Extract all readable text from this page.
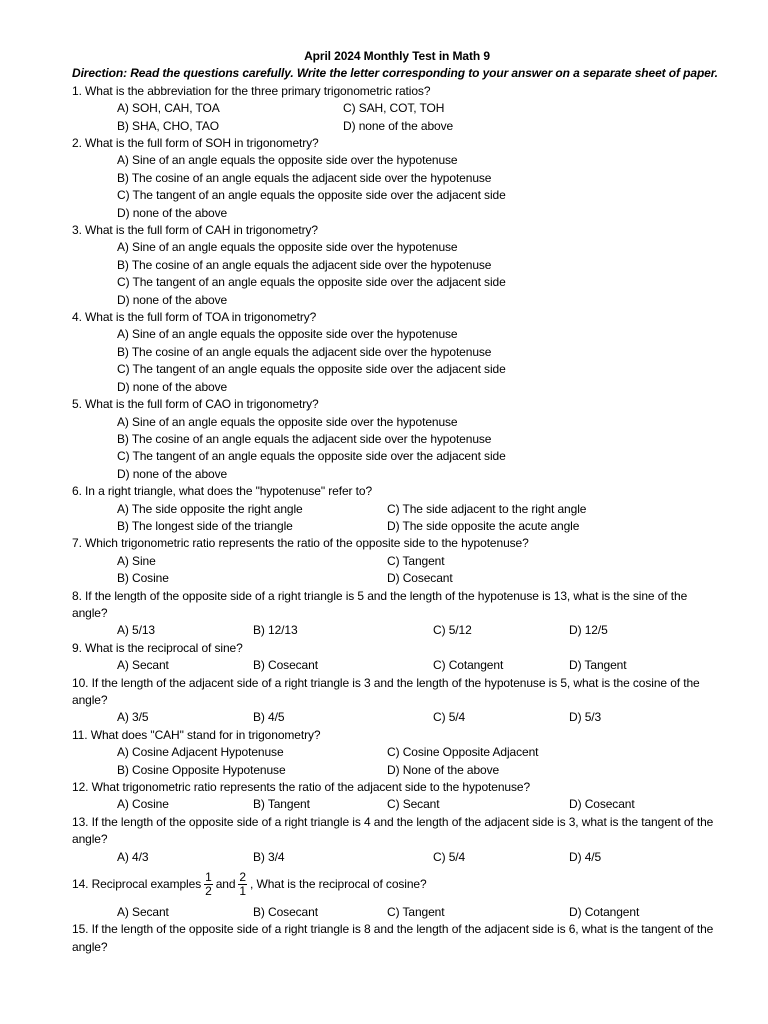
April 2024 Monthly Test in Math 9
Direction: Read the questions carefully. Write the letter corresponding to your answer on a separate sheet of paper.
1. What is the abbreviation for the three primary trigonometric ratios?
A) SOH, CAH, TOA	C) SAH, COT, TOH
B) SHA, CHO, TAO	D) none of the above
2. What is the full form of SOH in trigonometry?
A) Sine of an angle equals the opposite side over the hypotenuse
B) The cosine of an angle equals the adjacent side over the hypotenuse
C) The tangent of an angle equals the opposite side over the adjacent side
D) none of the above
3. What is the full form of CAH in trigonometry?
A) Sine of an angle equals the opposite side over the hypotenuse
B) The cosine of an angle equals the adjacent side over the hypotenuse
C) The tangent of an angle equals the opposite side over the adjacent side
D) none of the above
4. What is the full form of TOA in trigonometry?
A) Sine of an angle equals the opposite side over the hypotenuse
B) The cosine of an angle equals the adjacent side over the hypotenuse
C) The tangent of an angle equals the opposite side over the adjacent side
D) none of the above
5. What is the full form of CAO in trigonometry?
A) Sine of an angle equals the opposite side over the hypotenuse
B) The cosine of an angle equals the adjacent side over the hypotenuse
C) The tangent of an angle equals the opposite side over the adjacent side
D) none of the above
6. In a right triangle, what does the "hypotenuse" refer to?
A) The side opposite the right angle	C) The side adjacent to the right angle
B) The longest side of the triangle	D) The side opposite the acute angle
7. Which trigonometric ratio represents the ratio of the opposite side to the hypotenuse?
A) Sine	C) Tangent
B) Cosine	D) Cosecant
8. If the length of the opposite side of a right triangle is 5 and the length of the hypotenuse is 13, what is the sine of the angle?
A) 5/13	B) 12/13	C) 5/12	D) 12/5
9. What is the reciprocal of sine?
A) Secant	B) Cosecant	C) Cotangent	D) Tangent
10. If the length of the adjacent side of a right triangle is 3 and the length of the hypotenuse is 5, what is the cosine of the angle?
A) 3/5	B) 4/5	C) 5/4	D) 5/3
11. What does "CAH" stand for in trigonometry?
A) Cosine Adjacent Hypotenuse	C) Cosine Opposite Adjacent
B) Cosine Opposite Hypotenuse	D) None of the above
12. What trigonometric ratio represents the ratio of the adjacent side to the hypotenuse?
A) Cosine	B) Tangent	C) Secant	D) Cosecant
13. If the length of the opposite side of a right triangle is 4 and the length of the adjacent side is 3, what is the tangent of the angle?
A) 4/3	B) 3/4	C) 5/4	D) 4/5
14. Reciprocal examples $\frac{1}{2}$ and $\frac{2}{1}$ , What is the reciprocal of cosine?
A) Secant	B) Cosecant	C) Tangent	D) Cotangent
15. If the length of the opposite side of a right triangle is 8 and the length of the adjacent side is 6, what is the tangent of the angle?
